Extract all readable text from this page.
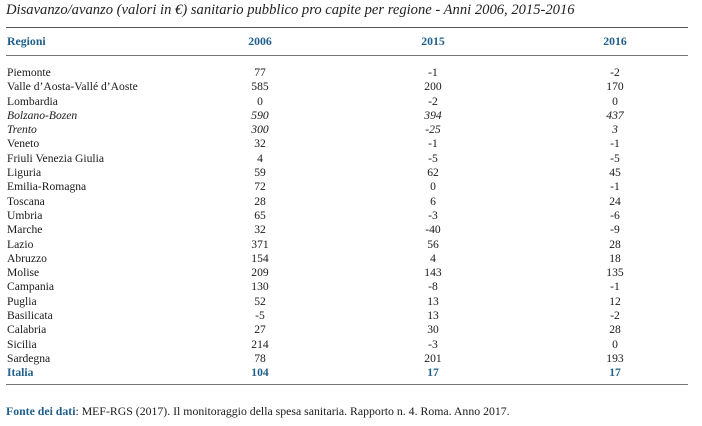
Disavanzo/avanzo (valori in €) sanitario pubblico pro capite per regione - Anni 2006, 2015-2016
Regioni	2006	2015	2016

Piemonte	77	-1	-2
Valle d’Aosta-Vallé d’Aoste	585	200	170
Lombardia	0	-2	0
Bolzano-Bozen	590	394	437
Trento	300	-25	3
Veneto	32	-1	-1
Friuli Venezia Giulia	4	-5	-5
Liguria	59	62	45
Emilia-Romagna	72	0	-1
Toscana	28	6	24
Umbria	65	-3	-6
Marche	32	-40	-9
Lazio	371	56	28
Abruzzo	154	4	18
Molise	209	143	135
Campania	130	-8	-1
Puglia	52	13	12
Basilicata	-5	13	-2
Calabria	27	30	28
Sicilia	214	-3	0
Sardegna	78	201	193
Italia	104	17	17
Fonte dei dati: MEF-RGS (2017). Il monitoraggio della spesa sanitaria. Rapporto n. 4. Roma. Anno 2017.
